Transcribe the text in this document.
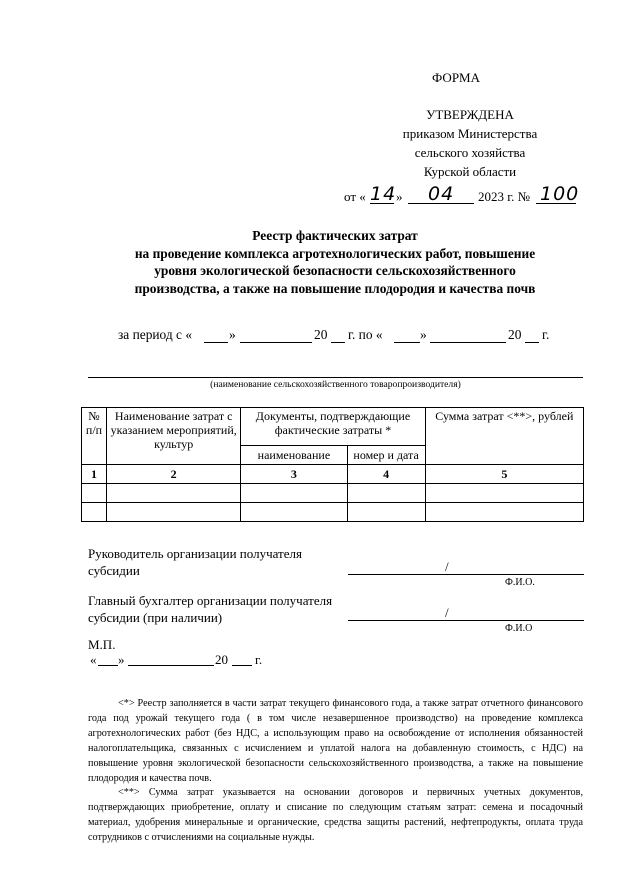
ФОРМА
УТВЕРЖДЕНА
приказом Министерства
сельского хозяйства
Курской области
от « 14 » 04 2023 г. № 100
Реестр фактических затрат
на проведение комплекса агротехнологических работ, повышение
уровня экологической безопасности сельскохозяйственного
производства, а также на повышение плодородия и качества почв
за период с «	»	20 г. по «	»	20 г.
(наименование сельскохозяйственного товаропроизводителя)
№ п/п	Наименование затрат с указанием мероприятий, культур	Документы, подтверждающие фактические затраты *		Сумма затрат <**>, рублей
		наименование	номер и дата	
1	2	3	4	5

Руководитель организации получателя
субсидии	/
Ф.И.О.
Главный бухгалтер организации получателя
субсидии (при наличии)	/
Ф.И.О
М.П.
« »	20 г.

<*> Реестр заполняется в части затрат текущего финансового года, а также затрат отчетного финансового года под урожай текущего года ( в том числе незавершенное производство) на проведение комплекса агротехнологических работ (без НДС, а использующим право на освобождение от исполнения обязанностей налогоплательщика, связанных с исчислением и уплатой налога на добавленную стоимость, с НДС) на повышение уровня экологической безопасности сельскохозяйственного производства, а также на повышение плодородия и качества почв.

<**> Сумма затрат указывается на основании договоров и первичных учетных документов, подтверждающих приобретение, оплату и списание по следующим статьям затрат: семена и посадочный материал, удобрения минеральные и органические, средства защиты растений, нефтепродукты, оплата труда сотрудников с отчислениями на социальные нужды.
